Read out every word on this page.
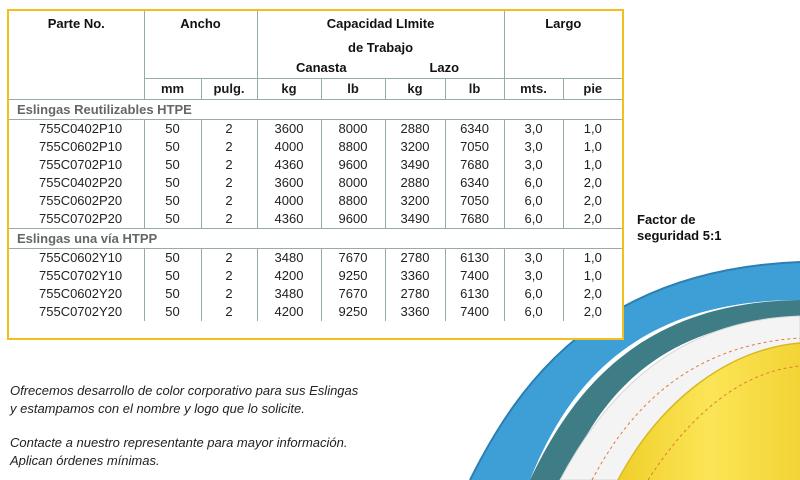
Parte No.	Ancho		Capacidad LImite				Largo	
			de Trabajo					
			Canasta		Lazo			
	mm	pulg.	kg	lb	kg	lb	mts.	pie
Eslingas Reutilizables HTPE								
755C0402P10	50	2	3600	8000	2880	6340	3,0	1,0
755C0602P10	50	2	4000	8800	3200	7050	3,0	1,0
755C0702P10	50	2	4360	9600	3490	7680	3,0	1,0
755C0402P20	50	2	3600	8000	2880	6340	6,0	2,0
755C0602P20	50	2	4000	8800	3200	7050	6,0	2,0
755C0702P20	50	2	4360	9600	3490	7680	6,0	2,0
Eslingas una vía HTPP								
755C0602Y10	50	2	3480	7670	2780	6130	3,0	1,0
755C0702Y10	50	2	4200	9250	3360	7400	3,0	1,0
755C0602Y20	50	2	3480	7670	2780	6130	6,0	2,0
755C0702Y20	50	2	4200	9250	3360	7400	6,0	2,0
Factor de
seguridad 5:1
Ofrecemos desarrollo de color corporativo para sus Eslingas
y estampamos con el nombre y logo que lo solicite.
Contacte a nuestro representante para mayor información.
Aplican órdenes mínimas.
